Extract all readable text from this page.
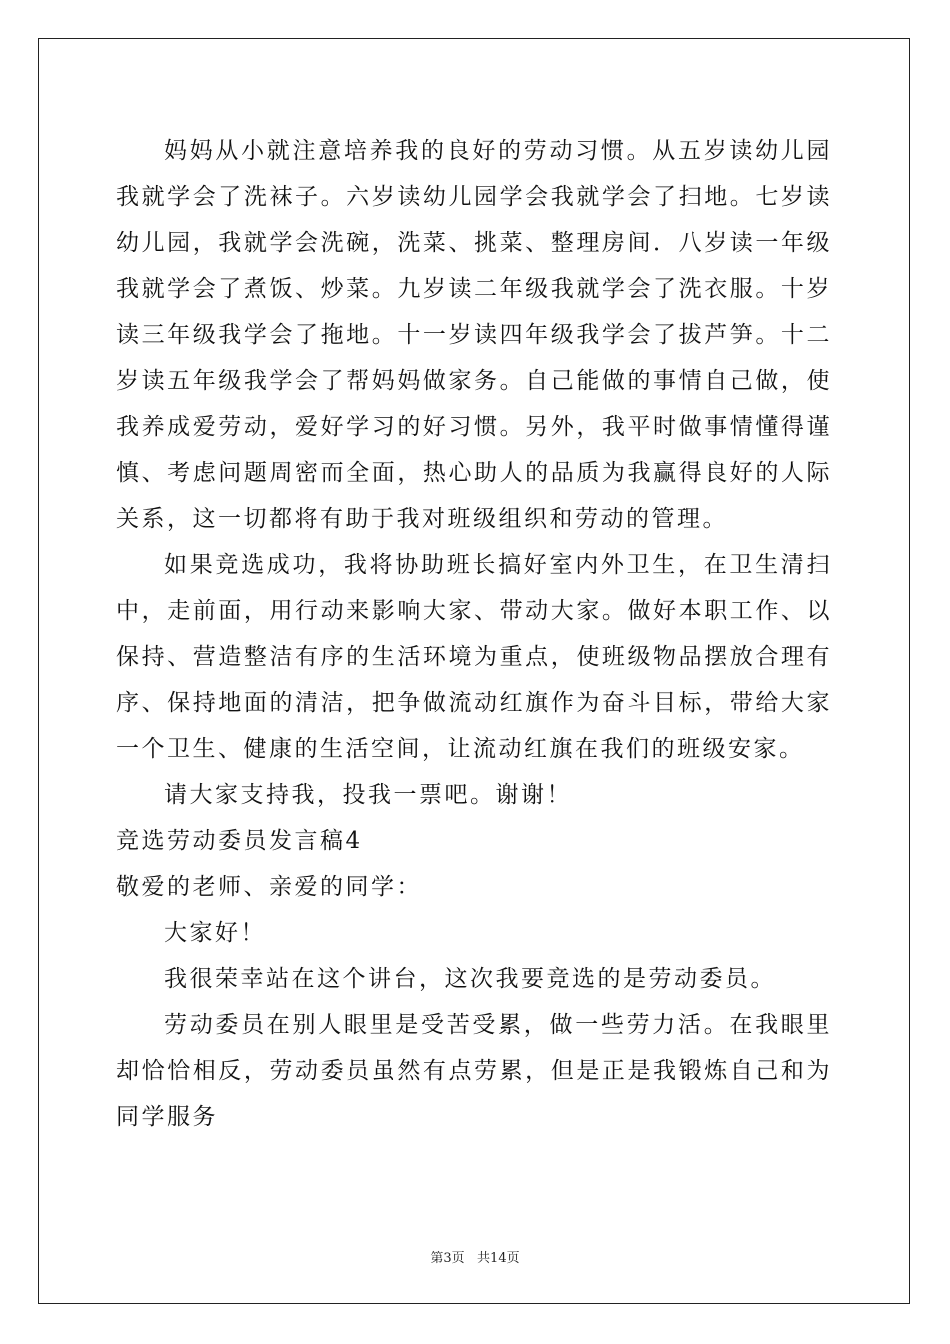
妈妈从小就注意培养我的良好的劳动习惯。从五岁读幼儿园我就学会了洗袜子。六岁读幼儿园学会我就学会了扫地。七岁读幼儿园，我就学会洗碗，洗菜、挑菜、整理房间．八岁读一年级我就学会了煮饭、炒菜。九岁读二年级我就学会了洗衣服。十岁读三年级我学会了拖地。十一岁读四年级我学会了拔芦笋。十二岁读五年级我学会了帮妈妈做家务。自己能做的事情自己做，使我养成爱劳动，爱好学习的好习惯。另外，我平时做事情懂得谨慎、考虑问题周密而全面，热心助人的品质为我赢得良好的人际关系，这一切都将有助于我对班级组织和劳动的管理。

如果竞选成功，我将协助班长搞好室内外卫生，在卫生清扫中，走前面，用行动来影响大家、带动大家。做好本职工作、以保持、营造整洁有序的生活环境为重点，使班级物品摆放合理有序、保持地面的清洁，把争做流动红旗作为奋斗目标，带给大家一个卫生、健康的生活空间，让流动红旗在我们的班级安家。

请大家支持我，投我一票吧。谢谢！

竞选劳动委员发言稿4

敬爱的老师、亲爱的同学：

大家好！

我很荣幸站在这个讲台，这次我要竞选的是劳动委员。

劳动委员在别人眼里是受苦受累，做一些劳力活。在我眼里却恰恰相反，劳动委员虽然有点劳累，但是正是我锻炼自己和为同学服务

第3页   共14页
